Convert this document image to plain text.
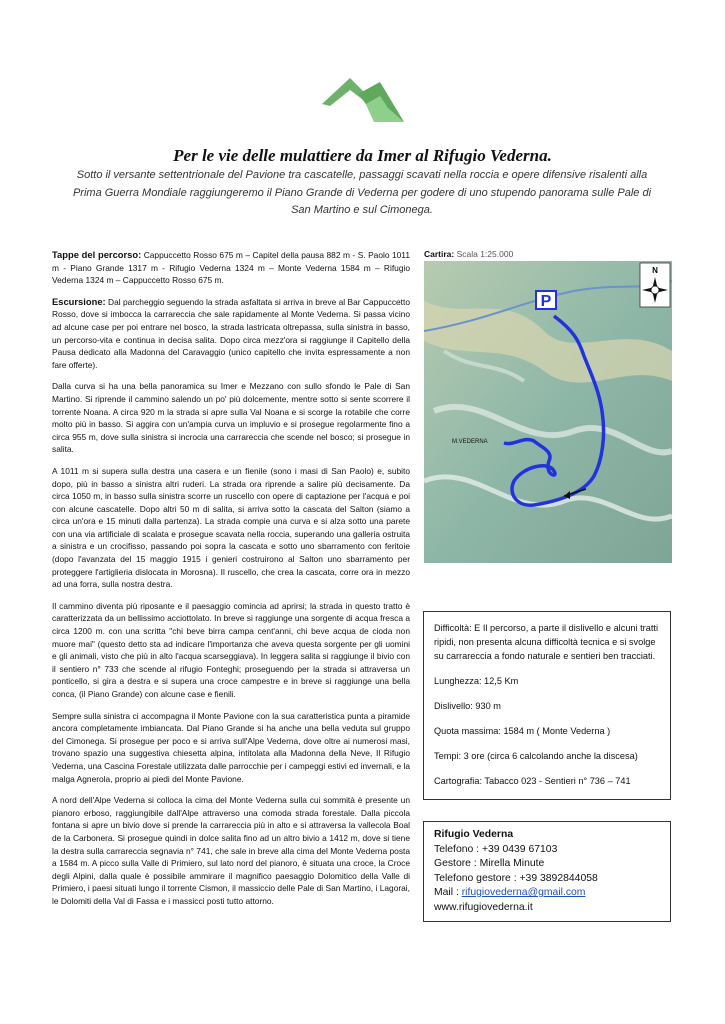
Per le vie delle mulattiere da Imer al Rifugio Vederna.

Sotto il versante settentrionale del Pavione tra cascatelle, passaggi scavati nella roccia e opere difensive risalenti alla Prima Guerra Mondiale raggiungeremo il Piano Grande di Vederna per godere di uno stupendo panorama sulle Pale di San Martino e sul Cimonega.

Tappe del percorso: Cappuccetto Rosso 675 m – Capitel della pausa 882 m - S. Paolo 1011 m - Piano Grande 1317 m - Rifugio Vederna 1324 m – Monte Vederna 1584 m – Rifugio Vederna 1324 m – Cappuccetto Rosso 675 m.

Escursione: Dal parcheggio seguendo la strada asfaltata si arriva in breve al Bar Cappuccetto Rosso, dove si imbocca la carrareccia che sale rapidamente al Monte Vederna. Si passa vicino ad alcune case per poi entrare nel bosco, la strada lastricata oltrepassa, sulla sinistra in basso, un percorso-vita e continua in decisa salita. Dopo circa mezz'ora si raggiunge il Capitello della Pausa dedicato alla Madonna del Caravaggio (unico capitello che invita espressamente a non fare offerte).

Dalla curva si ha una bella panoramica su Imer e Mezzano con sullo sfondo le Pale di San Martino. Si riprende il cammino salendo un po' più dolcemente, mentre sotto si sente scorrere il torrente Noana. A circa 920 m la strada si apre sulla Val Noana e si scorge la rotabile che corre molto più in basso. Si aggira con un'ampia curva un impluvio e si prosegue regolarmente fino a circa 955 m, dove sulla sinistra si incrocia una carrareccia che scende nel bosco; si prosegue in salita.

A 1011 m si supera sulla destra una casera e un fienile (sono i masi di San Paolo) e, subito dopo, più in basso a sinistra altri ruderi. La strada ora riprende a salire più decisamente. Da circa 1050 m, in basso sulla sinistra scorre un ruscello con opere di captazione per l'acqua e poi con alcune cascatelle. Dopo altri 50 m di salita, si arriva sotto la cascata del Salton (siamo a circa un'ora e 15 minuti dalla partenza). La strada compie una curva e si alza sotto una parete con una via artificiale di scalata e prosegue scavata nella roccia, superando una galleria ostruita a sinistra e un crocifisso, passando poi sopra la cascata e sotto uno sbarramento con feritoie (dopo l'avanzata del 15 maggio 1915 i genieri costruirono al Salton uno sbarramento per proteggere l'artiglieria dislocata in Morosna). Il ruscello, che crea la cascata, corre ora in mezzo ad una forra, sulla nostra destra.

Il cammino diventa più riposante e il paesaggio comincia ad aprirsi; la strada in questo tratto è caratterizzata da un bellissimo acciottolato. In breve si raggiunge una sorgente di acqua fresca a circa 1200 m. con una scritta "chi beve birra campa cent'anni, chi beve acqua de cioda non muore mai" (questo detto sta ad indicare l'importanza che aveva questa sorgente per gli uomini e gli animali, visto che più in alto l'acqua scarseggiava). In leggera salita si raggiunge il bivio con il sentiero n° 733 che scende al rifugio Fonteghi; proseguendo per la strada si attraversa un ponticello, si gira a destra e si supera una croce campestre e in breve si raggiunge una bella conca, (il Piano Grande) con alcune case e fienili.

Sempre sulla sinistra ci accompagna il Monte Pavione con la sua caratteristica punta a piramide ancora completamente imbiancata. Dal Piano Grande si ha anche una bella veduta sul gruppo del Cimonega. Si prosegue per poco e si arriva sull'Alpe Vederna, dove oltre ai numerosi masi, trovano spazio una suggestiva chiesetta alpina, intitolata alla Madonna della Neve, Il Rifugio Vederna, una Cascina Forestale utilizzata dalle parrocchie per i campeggi estivi ed invernali, e la malga Agnerola, proprio ai piedi del Monte Pavione.

A nord dell'Alpe Vederna si colloca la cima del Monte Vederna sulla cui sommità è presente un pianoro erboso, raggiungibile dall'Alpe attraverso una comoda strada forestale. Dalla piccola fontana si apre un bivio dove si prende la carrareccia più in alto e si attraversa la vallecola Boal de la Carbonera. Si prosegue quindi in dolce salita fino ad un altro bivio a 1412 m, dove si tiene la destra sulla carrareccia segnavia n° 741, che sale in breve alla cima del Monte Vederna posta a 1584 m. A picco sulla Valle di Primiero, sul lato nord del pianoro, è situata una croce, la Croce degli Alpini, dalla quale è possibile ammirare il magnifico paesaggio Dolomitico della Valle di Primiero, i paesi situati lungo il torrente Cismon, il massiccio delle Pale di San Martino, i Lagorai, le Dolomiti della Val di Fassa e i massicci posti tutto attorno.

Cartira: Scala 1:25.000
P
M.VEDERNA
N

Difficoltà: E Il percorso, a parte il dislivello e alcuni tratti ripidi, non presenta alcuna difficoltà tecnica e si svolge su carrareccia a fondo naturale e sentieri ben tracciati.

Lunghezza: 12,5 Km

Dislivello: 930 m

Quota massima: 1584 m ( Monte Vederna )

Tempi: 3 ore (circa 6 calcolando anche la discesa)

Cartografia: Tabacco 023 - Sentieri n° 736 – 741

Rifugio Vederna
Telefono : +39 0439 67103
Gestore : Mirella Minute
Telefono gestore : +39 3892844058
Mail : rifugiovederna@gmail.com
www.rifugiovederna.it
